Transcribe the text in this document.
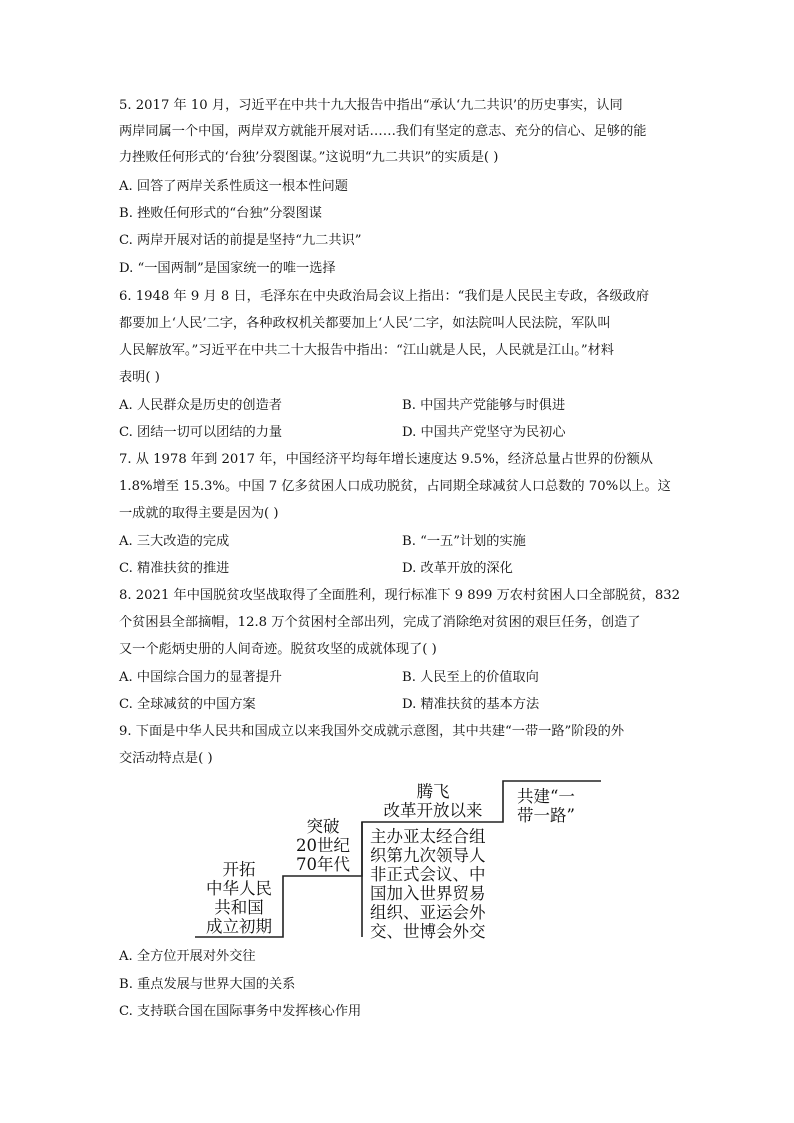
5. 2017 年 10 月，习近平在中共十九大报告中指出“承认‘九二共识’的历史事实，认同
两岸同属一个中国，两岸双方就能开展对话……我们有坚定的意志、充分的信心、足够的能
力挫败任何形式的‘台独’分裂图谋。”这说明“九二共识”的实质是( )
A. 回答了两岸关系性质这一根本性问题
B. 挫败任何形式的“台独”分裂图谋
C. 两岸开展对话的前提是坚持“九二共识”
D. “一国两制”是国家统一的唯一选择
6. 1948 年 9 月 8 日，毛泽东在中央政治局会议上指出：“我们是人民民主专政，各级政府
都要加上‘人民’二字，各种政权机关都要加上‘人民’二字，如法院叫人民法院，军队叫
人民解放军。”习近平在中共二十大报告中指出：“江山就是人民，人民就是江山。”材料
表明( )
A. 人民群众是历史的创造者	B. 中国共产党能够与时俱进
C. 团结一切可以团结的力量	D. 中国共产党坚守为民初心
7. 从 1978 年到 2017 年，中国经济平均每年增长速度达 9.5%，经济总量占世界的份额从
1.8%增至 15.3%。中国 7 亿多贫困人口成功脱贫，占同期全球减贫人口总数的 70%以上。这
一成就的取得主要是因为( )
A. 三大改造的完成	B. “一五”计划的实施
C. 精准扶贫的推进	D. 改革开放的深化
8. 2021 年中国脱贫攻坚战取得了全面胜利，现行标准下 9 899 万农村贫困人口全部脱贫，832
个贫困县全部摘帽，12.8 万个贫困村全部出列，完成了消除绝对贫困的艰巨任务，创造了
又一个彪炳史册的人间奇迹。脱贫攻坚的成就体现了( )
A. 中国综合国力的显著提升	B. 人民至上的价值取向
C. 全球减贫的中国方案	D. 精准扶贫的基本方法
9. 下面是中华人民共和国成立以来我国外交成就示意图，其中共建“一带一路”阶段的外
交活动特点是( )
开拓
中华人民
共和国
成立初期
突破
20世纪
70年代
腾飞
改革开放以来
主办亚太经合组
织第九次领导人
非正式会议、中
国加入世界贸易
组织、亚运会外
交、世博会外交
共建“一
带一路”
A. 全方位开展对外交往
B. 重点发展与世界大国的关系
C. 支持联合国在国际事务中发挥核心作用
